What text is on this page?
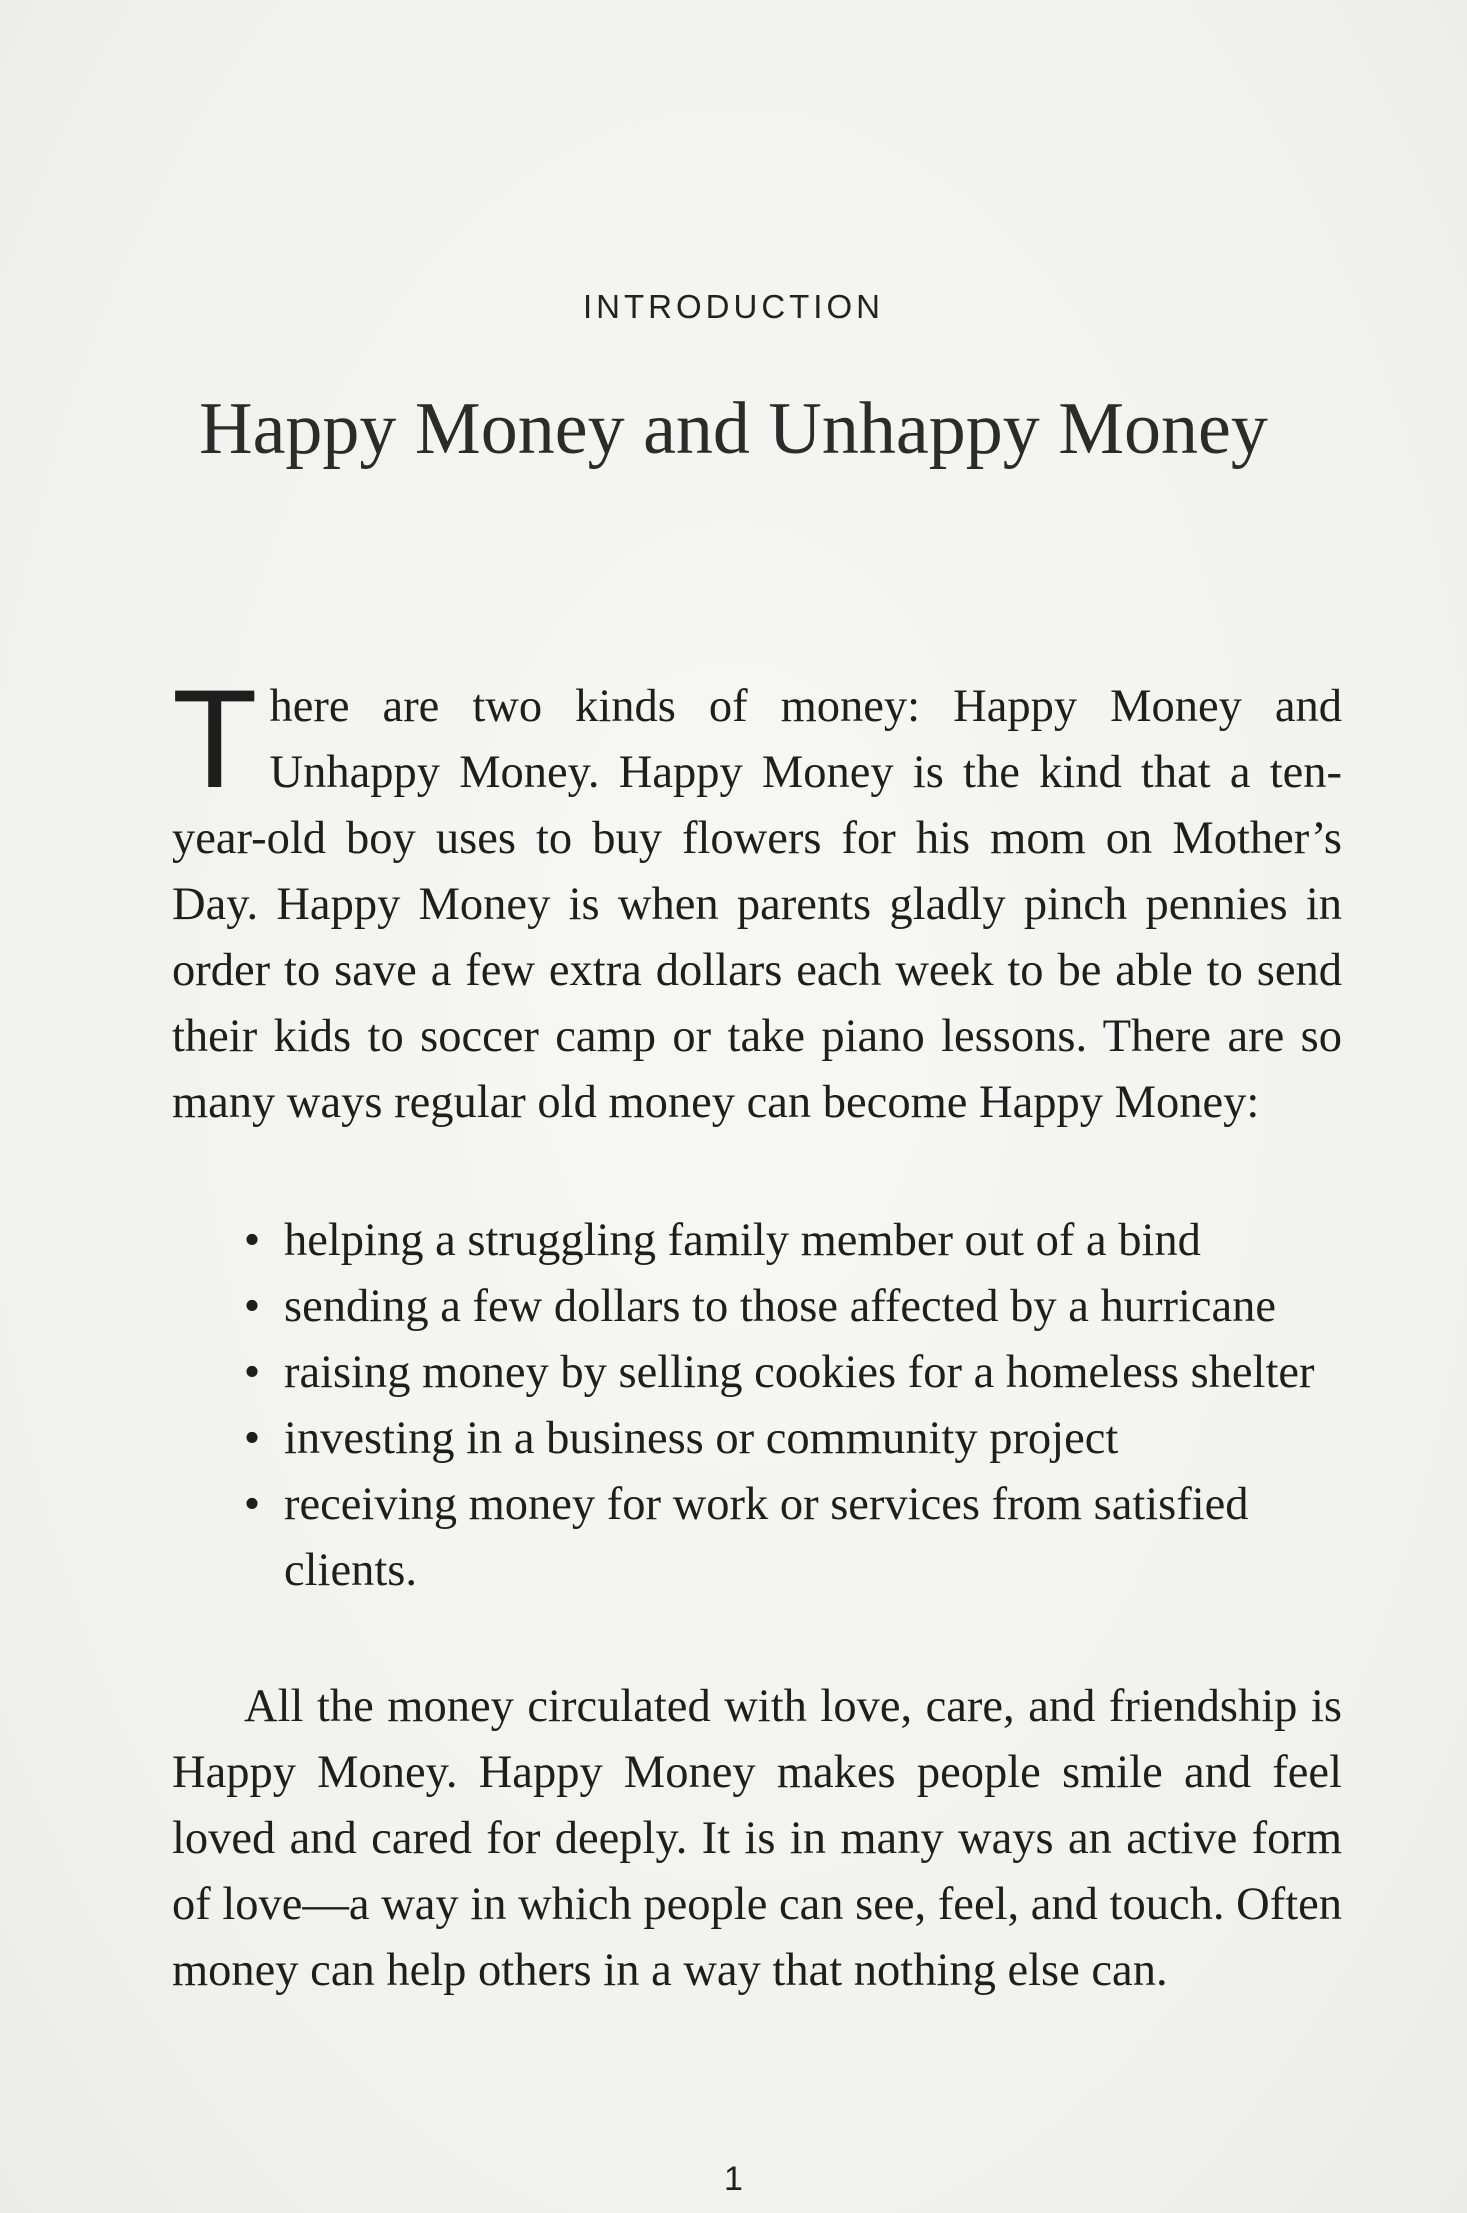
INTRODUCTION
Happy Money and Unhappy Money

There are two kinds of money: Happy Money and Unhappy Money. Happy Money is the kind that a ten-year-old boy uses to buy flowers for his mom on Mother’s Day. Happy Money is when parents gladly pinch pennies in order to save a few extra dollars each week to be able to send their kids to soccer camp or take piano lessons. There are so many ways regular old money can become Happy Money:

• helping a struggling family member out of a bind
• sending a few dollars to those affected by a hurricane
• raising money by selling cookies for a homeless shelter
• investing in a business or community project
• receiving money for work or services from satisfied clients.

All the money circulated with love, care, and friendship is Happy Money. Happy Money makes people smile and feel loved and cared for deeply. It is in many ways an active form of love—a way in which people can see, feel, and touch. Often money can help others in a way that nothing else can.

1
